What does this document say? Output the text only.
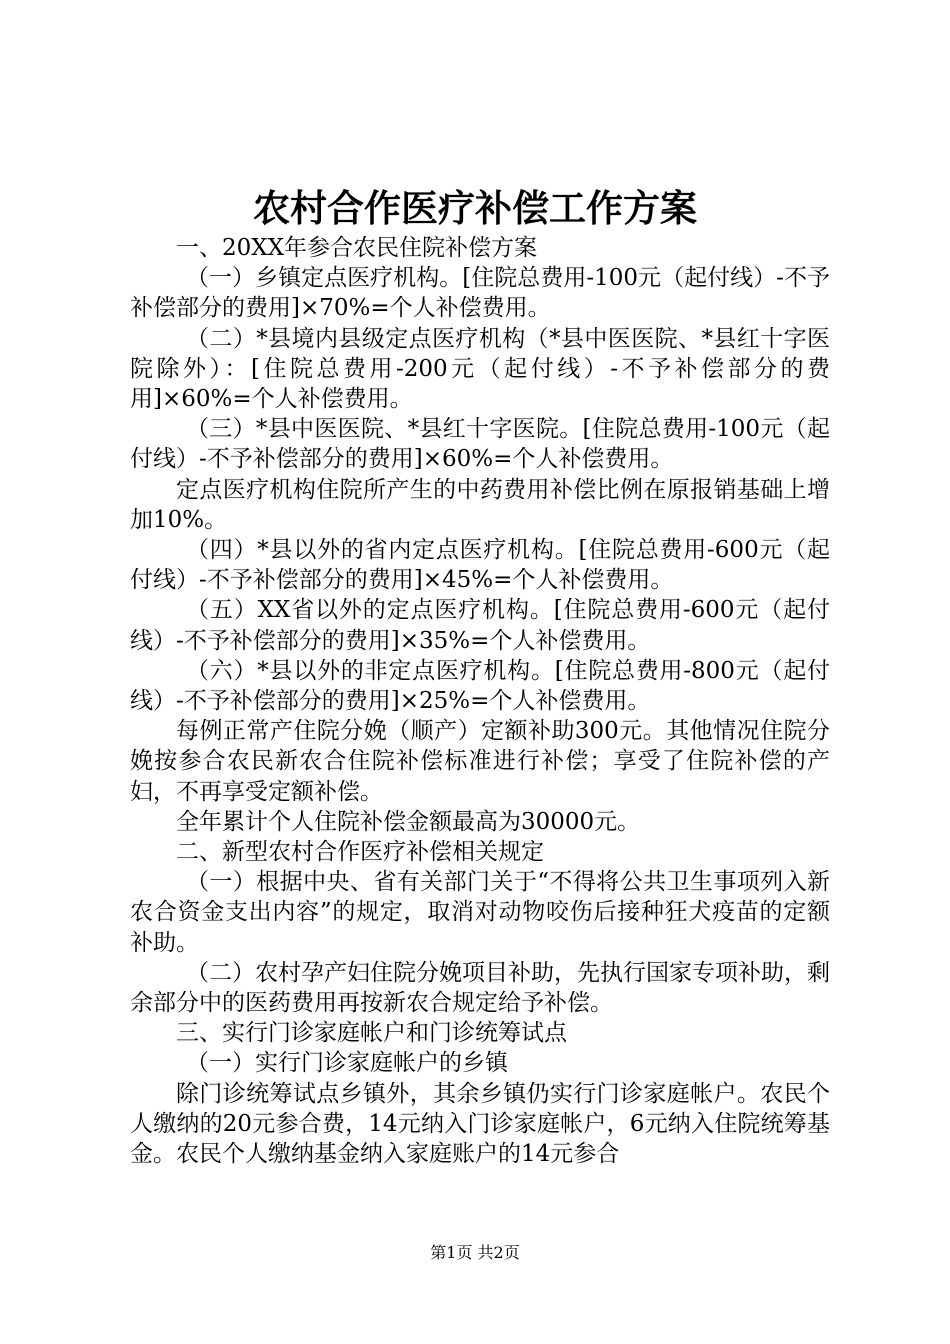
农村合作医疗补偿工作方案

一、20XX年参合农民住院补偿方案

（一）乡镇定点医疗机构。[住院总费用-100元（起付线）-不予补偿部分的费用]×70%=个人补偿费用。

（二）*县境内县级定点医疗机构（*县中医医院、*县红十字医院除外）：[住院总费用-200元（起付线）-不予补偿部分的费用]×60%=个人补偿费用。

（三）*县中医医院、*县红十字医院。[住院总费用-100元（起付线）-不予补偿部分的费用]×60%=个人补偿费用。

定点医疗机构住院所产生的中药费用补偿比例在原报销基础上增加10%。

（四）*县以外的省内定点医疗机构。[住院总费用-600元（起付线）-不予补偿部分的费用]×45%=个人补偿费用。

（五）XX省以外的定点医疗机构。[住院总费用-600元（起付线）-不予补偿部分的费用]×35%=个人补偿费用。

（六）*县以外的非定点医疗机构。[住院总费用-800元（起付线）-不予补偿部分的费用]×25%=个人补偿费用。

每例正常产住院分娩（顺产）定额补助300元。其他情况住院分娩按参合农民新农合住院补偿标准进行补偿；享受了住院补偿的产妇，不再享受定额补偿。

全年累计个人住院补偿金额最高为30000元。

二、新型农村合作医疗补偿相关规定

（一）根据中央、省有关部门关于“不得将公共卫生事项列入新农合资金支出内容”的规定，取消对动物咬伤后接种狂犬疫苗的定额补助。

（二）农村孕产妇住院分娩项目补助，先执行国家专项补助，剩余部分中的医药费用再按新农合规定给予补偿。

三、实行门诊家庭帐户和门诊统筹试点

（一）实行门诊家庭帐户的乡镇

除门诊统筹试点乡镇外，其余乡镇仍实行门诊家庭帐户。农民个人缴纳的20元参合费，14元纳入门诊家庭帐户，6元纳入住院统筹基金。农民个人缴纳基金纳入家庭账户的14元参合

第1页 共2页
